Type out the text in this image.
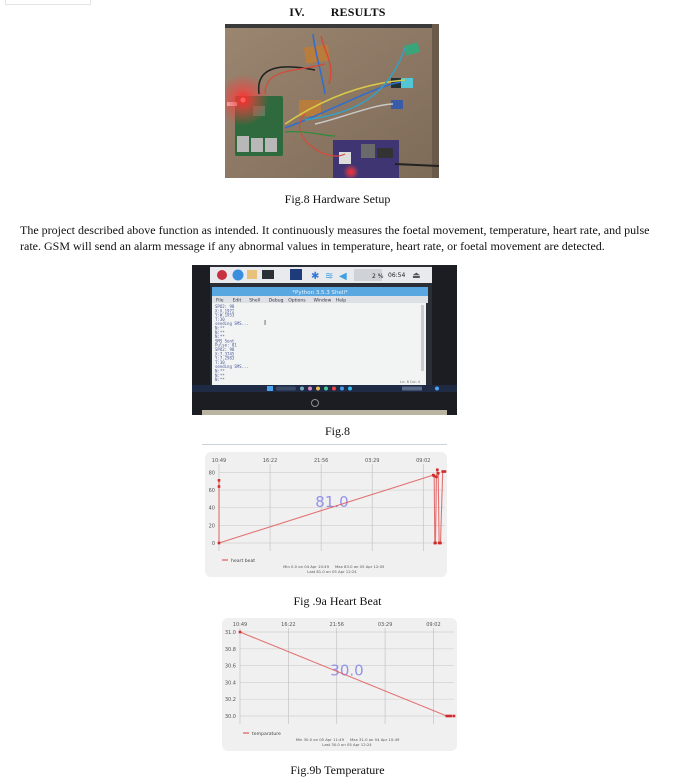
IV. RESULTS
Fig.8 Hardware Setup

The project described above function as intended. It continuously measures the foetal movement, temperature, heart rate, and pulse rate. GSM will send an alarm message if any abnormal values in temperature, heart rate, or foetal movement are detected.

✱ ≋ ◀	2 % 06:54 ⏏
*Python 3.5.3 Shell*
File Edit Shell Debug Options Window Help
SPO2: 98
X:X.1972
Y:W.1953
T:30
sending SMS...
N:**
N:**
N:**
SMS Sent
Pulse: 81
SPO2: 98
X:7.3745
Y:7.2983
T:30
sending SMS...
N:**
N:**
N:**
I
Ln: 8 Col: 4
Fig.8
0
20
40
60
80
10:49	16:22	21:56	03:29	09:02
81.0
heart beat
Min 0.0 on 04 Apr 10:49 Max 83.0 on 05 Apr 12:05
Last 81.0 on 05 Apr 12:24
Fig .9a Heart Beat
30.0
30.2
30.4
30.6
30.8
31.0
10:49	16:22	21:56	03:29	09:02
30.0
temparature
Min 30.0 on 05 Apr 11:49 Max 31.0 on 04 Apr 10:49
Last 30.0 on 05 Apr 12:24
Fig.9b Temperature
